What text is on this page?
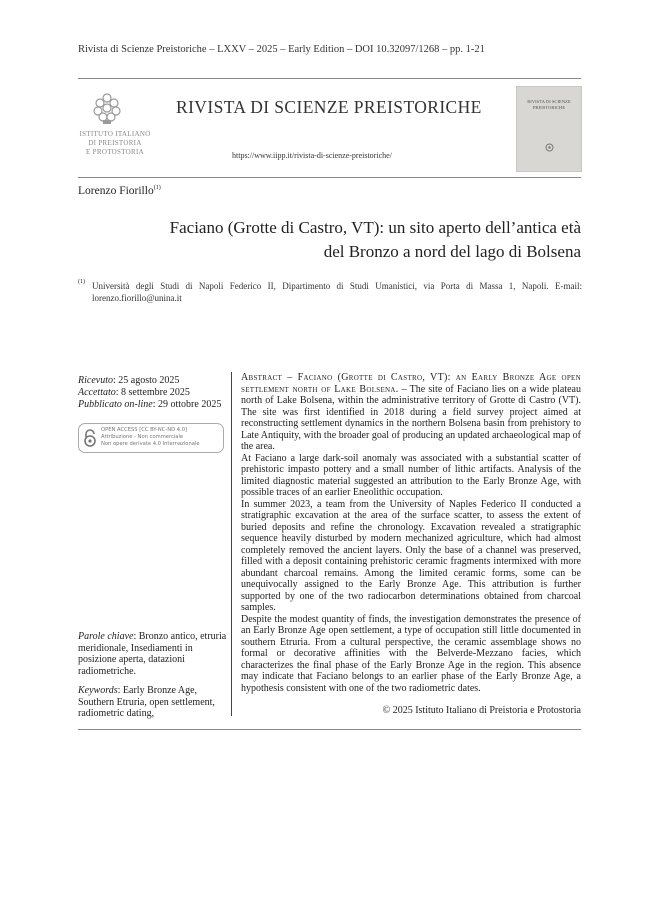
Rivista di Scienze Preistoriche – LXXV – 2025 – Early Edition – DOI 10.32097/1268 – pp. 1-21
ISTITUTO ITALIANO
DI PREISTORIA
E PROTOSTORIA
RIVISTA DI SCIENZE PREISTORICHE
https://www.iipp.it/rivista-di-scienze-preistoriche/
RIVISTA DI SCIENZE PREISTORICHE
Lorenzo Fiorillo$^{(1)}$
Faciano (Grotte di Castro, VT): un sito aperto dell’antica età
del Bronzo a nord del lago di Bolsena
(1) Università degli Studi di Napoli Federico II, Dipartimento di Studi Umanistici, via Porta di Massa 1, Napoli. E-mail: lorenzo.fiorillo@unina.it
Ricevuto: 25 agosto 2025
Accettato: 8 settembre 2025
Pubblicato on-line: 29 ottobre 2025
OPEN ACCESS [CC BY-NC-ND 4.0]
Attribuzione - Non commerciale
Non opere derivate 4.0 Internazionale
Parole chiave: Bronzo antico, etruria meridionale, Insediamenti in posizione aperta, datazioni radiometriche.
Keywords: Early Bronze Age, Southern Etruria, open settlement, radiometric dating,

Abstract – Faciano (Grotte di Castro, VT): an Early Bronze Age open settlement north of Lake Bolsena. – The site of Faciano lies on a wide plateau north of Lake Bolsena, within the administrative territory of Grotte di Castro (VT). The site was first identified in 2018 during a field survey project aimed at reconstructing settlement dynamics in the northern Bolsena basin from prehistory to Late Antiquity, with the broader goal of producing an updated archaeological map of the area.

At Faciano a large dark-soil anomaly was associated with a substantial scatter of prehistoric impasto pottery and a small number of lithic artifacts. Analysis of the limited diagnostic material suggested an attribution to the Early Bronze Age, with possible traces of an earlier Eneolithic occupation.

In summer 2023, a team from the University of Naples Federico II conducted a stratigraphic excavation at the area of the surface scatter, to assess the extent of buried deposits and refine the chronology. Excavation revealed a stratigraphic sequence heavily disturbed by modern mechanized agriculture, which had almost completely removed the ancient layers. Only the base of a channel was preserved, filled with a deposit containing prehistoric ceramic fragments intermixed with more abundant charcoal remains. Among the limited ceramic forms, some can be unequivocally assigned to the Early Bronze Age. This attribution is further supported by one of the two radiocarbon determinations obtained from charcoal samples.

Despite the modest quantity of finds, the investigation demonstrates the presence of an Early Bronze Age open settlement, a type of occupation still little documented in southern Etruria. From a cultural perspective, the ceramic assemblage shows no formal or decorative affinities with the Belverde-Mezzano facies, which characterizes the final phase of the Early Bronze Age in the region. This absence may indicate that Faciano belongs to an earlier phase of the Early Bronze Age, a hypothesis consistent with one of the two radiometric dates.

© 2025 Istituto Italiano di Preistoria e Protostoria
